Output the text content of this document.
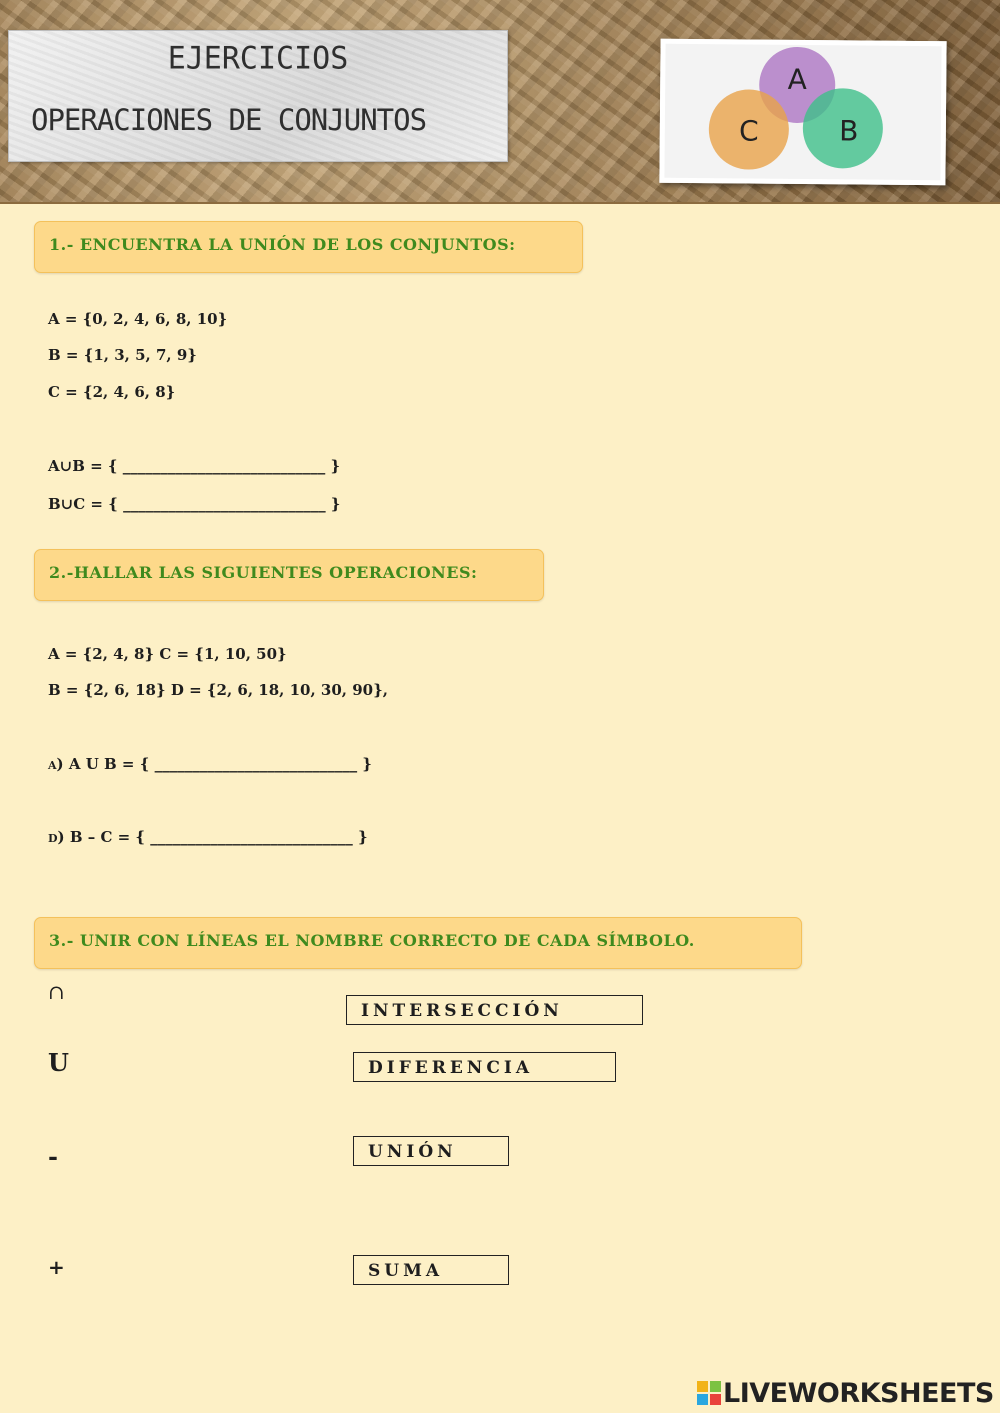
EJERCICIOS
OPERACIONES DE CONJUNTOS
A
B
C
1.- ENCUENTRA LA UNIÓN DE LOS CONJUNTOS:
A = {0, 2, 4, 6, 8, 10}
B = {1, 3, 5, 7, 9}
C = {2, 4, 6, 8}
A∪B = { ___________________________ }
B∪C = { ___________________________ }
2.-HALLAR LAS SIGUIENTES OPERACIONES:
A = {2, 4, 8} C = {1, 10, 50}
B = {2, 6, 18} D = {2, 6, 18, 10, 30, 90},
a) A U B = { ___________________________ }
d) B – C = { ___________________________ }
3.- UNIR CON LÍNEAS EL NOMBRE CORRECTO DE CADA SÍMBOLO.
∩
U
-
+
INTERSECCIÓN
DIFERENCIA
UNIÓN
SUMA
LIVEWORKSHEETS
